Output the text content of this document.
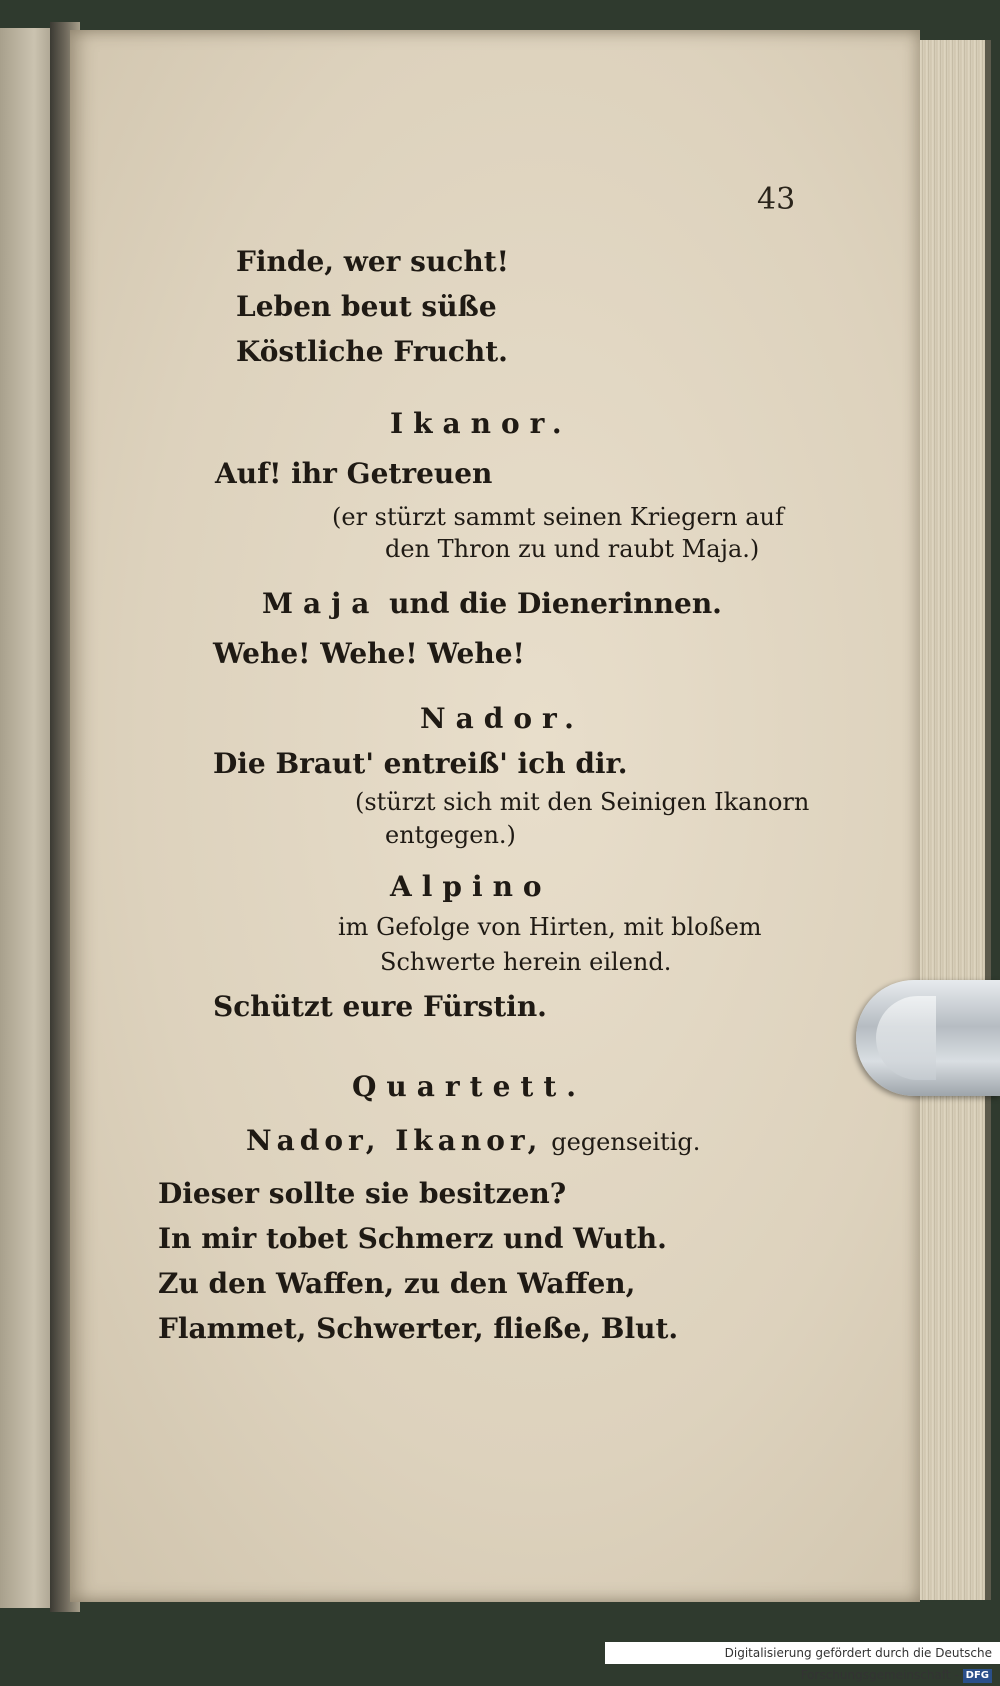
43
Finde, wer sucht!
Leben beut süße
Köstliche Frucht.
Ikanor.
Auf! ihr Getreuen
(er stürzt sammt seinen Kriegern auf
den Thron zu und raubt Maja.)
Maja und die Dienerinnen.
Wehe! Wehe! Wehe!
Nador.
Die Braut' entreiß' ich dir.
(stürzt sich mit den Seinigen Ikanorn
entgegen.)
Alpino
im Gefolge von Hirten, mit bloßem
Schwerte herein eilend.
Schützt eure Fürstin.
Quartett.
Nador, Ikanor, gegenseitig.
Dieser sollte sie besitzen?
In mir tobet Schmerz und Wuth.
Zu den Waffen, zu den Waffen,
Flammet, Schwerter, fließe, Blut.
Digitalisierung gefördert durch die Deutsche Forschungsgemeinschaft - DFG
